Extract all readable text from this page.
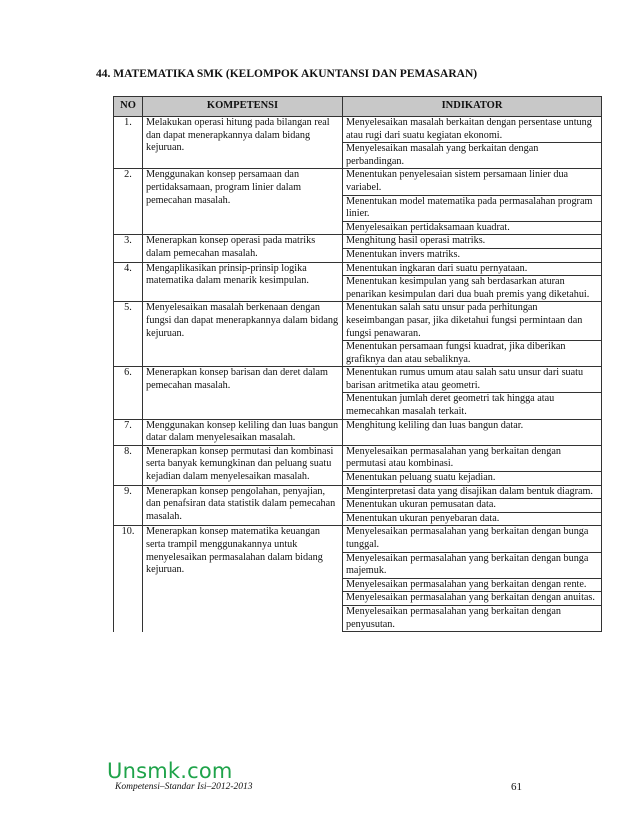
44. MATEMATIKA SMK (KELOMPOK AKUNTANSI DAN PEMASARAN)
NO	KOMPETENSI	INDIKATOR
1.	Melakukan operasi hitung pada bilangan real dan dapat menerapkannya dalam bidang kejuruan.	Menyelesaikan masalah berkaitan dengan persentase untung atau rugi dari suatu kegiatan ekonomi.
		Menyelesaikan masalah yang berkaitan dengan perbandingan.
2.	Menggunakan konsep persamaan dan pertidaksamaan, program linier dalam pemecahan masalah.	Menentukan penyelesaian sistem persamaan linier dua variabel.
		Menentukan model matematika pada permasalahan program linier.
		Menyelesaikan pertidaksamaan kuadrat.
3.	Menerapkan konsep operasi pada matriks dalam pemecahan masalah.	Menghitung hasil operasi matriks.
		Menentukan invers matriks.
4.	Mengaplikasikan prinsip-prinsip logika matematika dalam menarik kesimpulan.	Menentukan ingkaran dari suatu pernyataan.
		Menentukan kesimpulan yang sah berdasarkan aturan penarikan kesimpulan dari dua buah premis yang diketahui.
5.	Menyelesaikan masalah berkenaan dengan fungsi dan dapat menerapkannya dalam bidang kejuruan.	Menentukan salah satu unsur pada perhitungan keseimbangan pasar, jika diketahui fungsi permintaan dan fungsi penawaran.
		Menentukan persamaan fungsi kuadrat, jika diberikan grafiknya dan atau sebaliknya.
6.	Menerapkan konsep barisan dan deret dalam pemecahan masalah.	Menentukan rumus umum atau salah satu unsur dari suatu barisan aritmetika atau geometri.
		Menentukan jumlah deret geometri tak hingga atau memecahkan masalah terkait.
7.	Menggunakan konsep keliling dan luas bangun datar dalam menyelesaikan masalah.	Menghitung keliling dan luas bangun datar.
8.	Menerapkan konsep permutasi dan kombinasi serta banyak kemungkinan dan peluang suatu kejadian dalam menyelesaikan masalah.	Menyelesaikan permasalahan yang berkaitan dengan permutasi atau kombinasi.
		Menentukan peluang suatu kejadian.
9.	Menerapkan konsep pengolahan, penyajian, dan penafsiran data statistik dalam pemecahan masalah.	Menginterpretasi data yang disajikan dalam bentuk diagram.
		Menentukan ukuran pemusatan data.
		Menentukan ukuran penyebaran data.
10.	Menerapkan konsep matematika keuangan serta trampil menggunakannya untuk menyelesaikan permasalahan dalam bidang kejuruan.	Menyelesaikan permasalahan yang berkaitan dengan bunga tunggal.
		Menyelesaikan permasalahan yang berkaitan dengan bunga majemuk.
		Menyelesaikan permasalahan yang berkaitan dengan rente.
		Menyelesaikan permasalahan yang berkaitan dengan anuitas.
		Menyelesaikan permasalahan yang berkaitan dengan penyusutan.
Unsmk.com
Kompetensi–Standar Isi–2012-2013	61
